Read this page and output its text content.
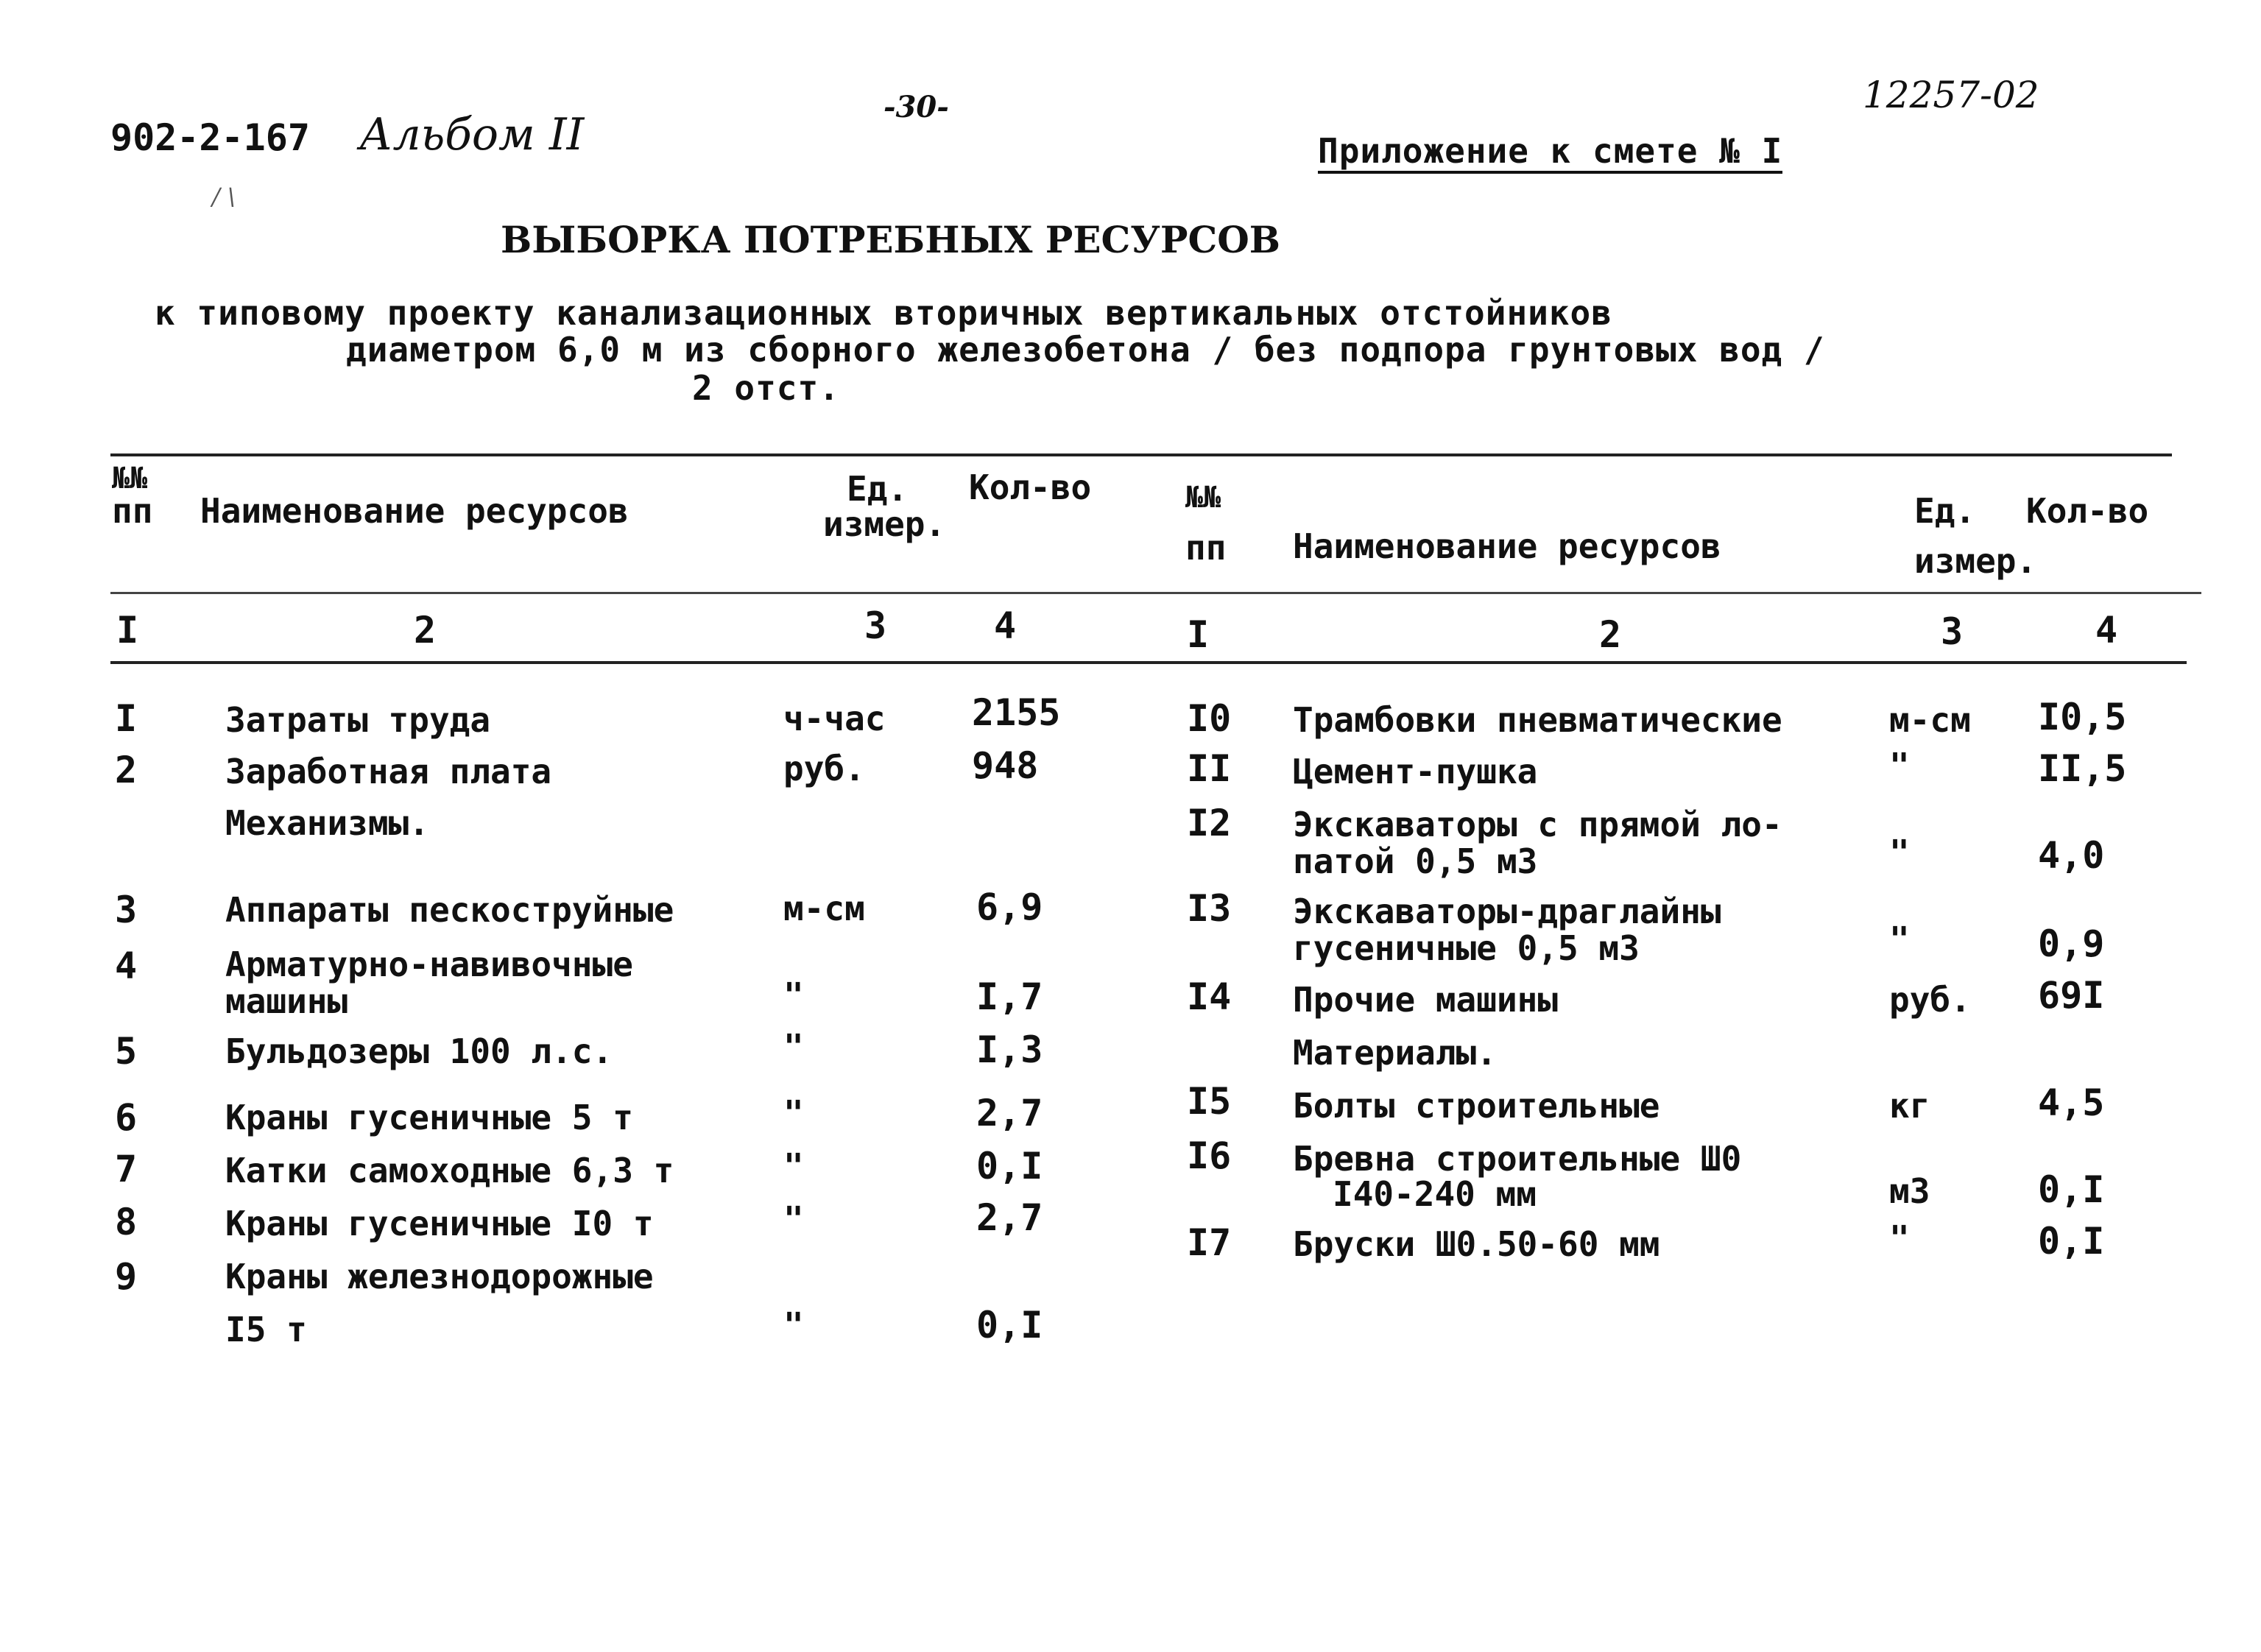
902-2-167 Альбом II
/ \
-30-	12257-02
Приложение к смете № I
ВЫБОРКА ПОТРЕБНЫХ РЕСУРСОВ
к типовому проекту канализационных вторичных вертикальных отстойников
диаметром 6,0 м из сборного железобетона / без подпора грунтовых вод /
2 отст.
№№
пп Наименование ресурсов
Ед.
измер.
Кол-во	№№
пп Наименование ресурсов
Ед.
измер.
Кол-во
I	2	3	4	I	2	3	4
I	Затраты труда	ч-час 2155
2	Заработная плата	руб.	948
Механизмы.
3	Аппараты пескоструйные	м-см	6,9
4	Арматурно-навивочные
машины	"	I,7
5	Бульдозеры 100 л.с.	"	I,3
6	Краны гусеничные 5 т	"	2,7
7	Катки самоходные 6,3 т	"	0,I
8	Краны гусеничные I0 т	"	2,7
9	Краны железнодорожные
I5 т	"	0,I
I0 Трамбовки пневматические	м-см I0,5
II Цемент-пушка	"	II,5
I2 Экскаваторы с прямой ло-
патой 0,5 м3	"	4,0
I3 Экскаваторы-драглайны
гусеничные 0,5 м3	"	0,9
I4 Прочие машины	руб. 69I
Материалы.
I5 Болты строительные	кг	4,5
I6 Бревна строительные Ш0
I40-240 мм	м3	0,I
I7 Бруски Ш0.50-60 мм	"	0,I
